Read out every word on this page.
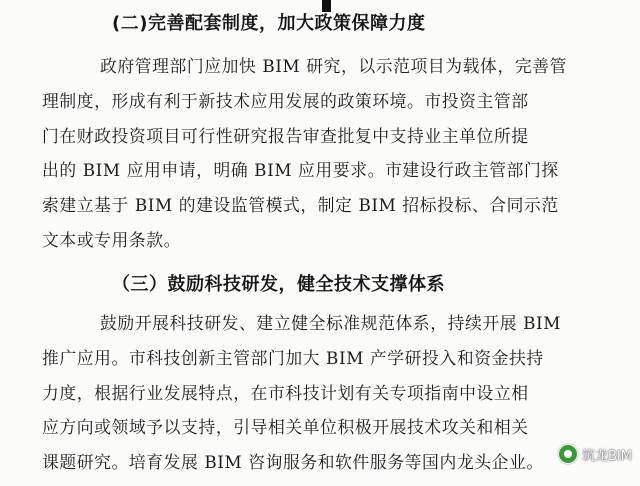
(二)完善配套制度，加大政策保障力度
政府管理部门应加快 BIM 研究，以示范项目为载体，完善管
理制度，形成有利于新技术应用发展的政策环境。市投资主管部
门在财政投资项目可行性研究报告审查批复中支持业主单位所提
出的 BIM 应用申请，明确 BIM 应用要求。市建设行政主管部门探
索建立基于 BIM 的建设监管模式，制定 BIM 招标投标、合同示范
文本或专用条款。
（三）鼓励科技研发，健全技术支撑体系
鼓励开展科技研发、建立健全标准规范体系，持续开展 BIM
推广应用。市科技创新主管部门加大 BIM 产学研投入和资金扶持
力度，根据行业发展特点，在市科技计划有关专项指南中设立相
应方向或领域予以支持，引导相关单位积极开展技术攻关和相关
课题研究。培育发展 BIM 咨询服务和软件服务等国内龙头企业。	筑龙BIM
